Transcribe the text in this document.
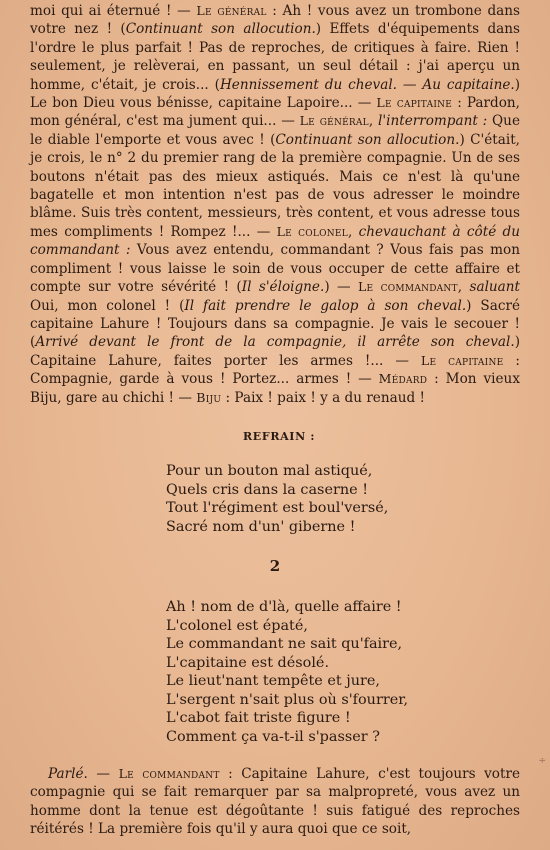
moi qui ai éternué ! — Le général : Ah ! vous avez un trombone dans votre nez ! (Continuant son allocution.) Effets d'équipements dans l'ordre le plus parfait ! Pas de reproches, de critiques à faire. Rien ! seulement, je relèverai, en passant, un seul détail : j'ai aperçu un homme, c'était, je crois... (Hennissement du cheval. — Au capitaine.) Le bon Dieu vous bénisse, capitaine Lapoire... — Le capitaine : Pardon, mon général, c'est ma jument qui... — Le général, l'interrompant : Que le diable l'emporte et vous avec ! (Continuant son allocution.) C'était, je crois, le n° 2 du premier rang de la première compagnie. Un de ses boutons n'était pas des mieux astiqués. Mais ce n'est là qu'une bagatelle et mon intention n'est pas de vous adresser le moindre blâme. Suis très content, messieurs, très content, et vous adresse tous mes compliments ! Rompez !... — Le colonel, chevauchant à côté du commandant : Vous avez entendu, commandant ? Vous fais pas mon compliment ! vous laisse le soin de vous occuper de cette affaire et compte sur votre sévérité ! (Il s'éloigne.) — Le commandant, saluant Oui, mon colonel ! (Il fait prendre le galop à son cheval.) Sacré capitaine Lahure ! Toujours dans sa compagnie. Je vais le secouer ! (Arrivé devant le front de la compagnie, il arrête son cheval.) Capitaine Lahure, faites porter les armes !... — Le capitaine : Compagnie, garde à vous ! Portez... armes ! — Médard : Mon vieux Biju, gare au chichi ! — Biju : Paix ! paix ! y a du renaud !

REFRAIN :
Pour un bouton mal astiqué,
Quels cris dans la caserne !
Tout l'régiment est boul'versé,
Sacré nom d'un' giberne !
2
Ah ! nom de d'là, quelle affaire !
L'colonel est épaté,
Le commandant ne sait qu'faire,
L'capitaine est désolé.
Le lieut'nant tempête et jure,
L'sergent n'sait plus où s'fourrer,
L'cabot fait triste figure !
Comment ça va-t-il s'passer ?

Parlé. — Le commandant : Capitaine Lahure, c'est toujours votre compagnie qui se fait remarquer par sa malpropreté, vous avez un homme dont la tenue est dégoûtante ! suis fatigué des reproches réitérés ! La première fois qu'il y aura quoi que ce soit,

÷
